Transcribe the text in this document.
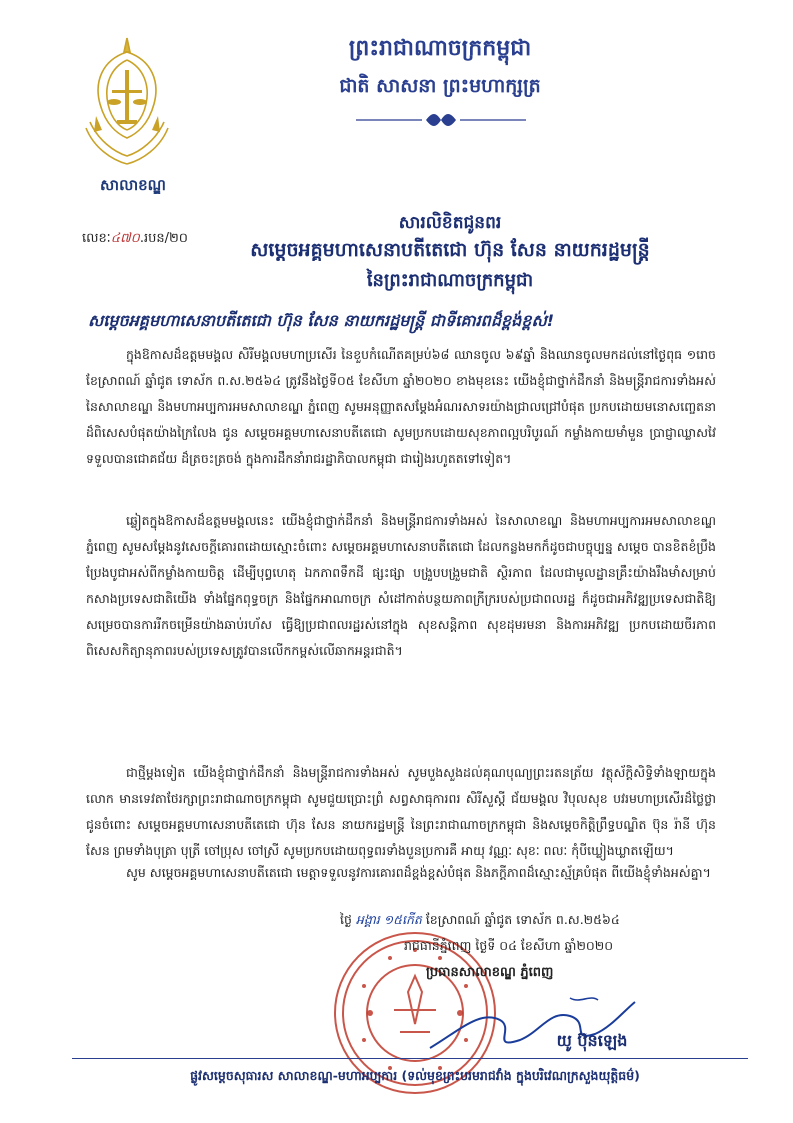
សាលាខណ្ឌ
ព្រះរាជាណាចក្រកម្ពុជា
ជាតិ សាសនា ព្រះមហាក្សត្រ
លេខៈ៤៧០.របន/២០
សារលិខិតជូនពរ
សម្តេចអគ្គមហាសេនាបតីតេជោ ហ៊ុន សែន នាយករដ្ឋមន្ត្រី
នៃព្រះរាជាណាចក្រកម្ពុជា
សម្តេចអគ្គមហាសេនាបតីតេជោ ហ៊ុន សែន នាយករដ្ឋមន្ត្រី ជាទីគោរពដ៏ខ្ពង់ខ្ពស់!
ក្នុងឱកាសដ៏ឧត្តមមង្គល សិរីមង្គលមហាប្រសើរ នៃខួបកំណើតគម្រប់៦៨ ឈានចូល ៦៩ឆ្នាំ និងឈានចូលមកដល់នៅថ្ងៃពុធ ១រោច ខែស្រាពណ៍ ឆ្នាំជូត ទោស័ក ព.ស.២៥៦៤ ត្រូវនឹងថ្ងៃទី០៥ ខែសីហា ឆ្នាំ២០២០ ខាងមុខនេះ យើងខ្ញុំជាថ្នាក់ដឹកនាំ និងមន្ត្រីរាជការទាំងអស់ នៃសាលាខណ្ឌ និងមហាអប្បការអមសាលាខណ្ឌ ភ្នំពេញ សូមអនុញ្ញាតសម្តែងអំណរសាទរយ៉ាងជ្រាលជ្រៅបំផុត ប្រកបដោយមនោសញ្ចេតនាដ៏ពិសេសបំផុតយ៉ាងក្រៃលែង ជូន សម្តេចអគ្គមហាសេនាបតីតេជោ សូមប្រកបដោយសុខភាពល្អបរិបូរណ៍ កម្លាំងកាយមាំមួន ប្រាជ្ញាឈ្លាសវៃ ទទួលបានជោគជ័យ ដ៏ត្រចះត្រចង់ ក្នុងការដឹកនាំរាជរដ្ឋាភិបាលកម្ពុជា ជារៀងរហូតតទៅទៀត។
ឆ្លៀតក្នុងឱកាសដ៏ឧត្តមមង្គលនេះ យើងខ្ញុំជាថ្នាក់ដឹកនាំ និងមន្ត្រីរាជការទាំងអស់ នៃសាលាខណ្ឌ និងមហាអប្បការអមសាលាខណ្ឌ ភ្នំពេញ សូមសម្តែងនូវសេចក្តីគោរពដោយស្មោះចំពោះ សម្តេចអគ្គមហាសេនាបតីតេជោ ដែលកន្លងមកក៏ដូចជាបច្ចុប្បន្ន សម្តេច បានខិតខំប្រឹងប្រែងបូជាអស់ពីកម្លាំងកាយចិត្ត ដើម្បីបុព្វហេតុ ឯកភាពទឹកដី ផ្សះផ្សា បង្រួបបង្រួមជាតិ ស្ថិរភាព ដែលជាមូលដ្ឋានគ្រឹះយ៉ាងរឹងមាំសម្រាប់កសាងប្រទេសជាតិយើង ទាំងផ្នែកពុទ្ធចក្រ និងផ្នែកអាណាចក្រ សំដៅកាត់បន្ថយភាពក្រីក្ររបស់ប្រជាពលរដ្ឋ ក៏ដូចជាអភិវឌ្ឍប្រទេសជាតិឱ្យសម្រេចបានការរីកចម្រើនយ៉ាងឆាប់រហ័ស ធ្វើឱ្យប្រជាពលរដ្ឋរស់នៅក្នុង សុខសន្តិភាព សុខដុមរមនា និងការអភិវឌ្ឍ ប្រកបដោយចីរភាព ពិសេសកិត្យានុភាពរបស់ប្រទេសត្រូវបានលើកកម្ពស់លើឆាកអន្តរជាតិ។
ជាថ្មីម្តងទៀត យើងខ្ញុំជាថ្នាក់ដឹកនាំ និងមន្ត្រីរាជការទាំងអស់ សូមបួងសួងដល់គុណបុណ្យព្រះរតនត្រ័យ វត្ថុស័ក្តិសិទ្ធិទាំងឡាយក្នុងលោក មានទេវតាថែរក្សាព្រះរាជាណាចក្រកម្ពុជា សូមជួយប្រោះព្រំ សព្វសាធុការពរ សិរីសួស្តី ជ័យមង្គល វិបុលសុខ បវរមហាប្រសើរដ៏ថ្លៃថ្លា ជូនចំពោះ សម្តេចអគ្គមហាសេនាបតីតេជោ ហ៊ុន សែន នាយករដ្ឋមន្ត្រី នៃព្រះរាជាណាចក្រកម្ពុជា និងសម្តេចកិត្តិព្រឹទ្ធបណ្ឌិត ប៊ុន រ៉ានី ហ៊ុន សែន ព្រមទាំងបុត្រា បុត្រី ចៅប្រុស ចៅស្រី សូមប្រកបដោយពុទ្ធពរទាំងបួនប្រការគឺ អាយុ វណ្ណៈ សុខៈ ពលៈ កុំបីឃ្លៀងឃ្លាតឡើយ។
សូម សម្តេចអគ្គមហាសេនាបតីតេជោ មេត្តាទទួលនូវការគោរពដ៏ខ្ពង់ខ្ពស់បំផុត និងភក្តីភាពដ៏ស្មោះស្ម័គ្របំផុត ពីយើងខ្ញុំទាំងអស់គ្នា។
ថ្ងៃ អង្គារ ១៥កើត ខែស្រាពណ៍ ឆ្នាំជូត ទោស័ក ព.ស.២៥៦៤
រាជធានីភ្នំពេញ ថ្ងៃទី ០៤ ខែសីហា ឆ្នាំ២០២០
ប្រធានសាលាខណ្ឌ ភ្នំពេញ
យូ ប៊ុនឡេង
ផ្លូវសម្តេចសុធារស សាលាខណ្ឌ-មហាអប្បការ (ទល់មុខព្រះបរមរាជវាំង ក្នុងបរិវេណក្រសួងយុត្តិធម៌)
